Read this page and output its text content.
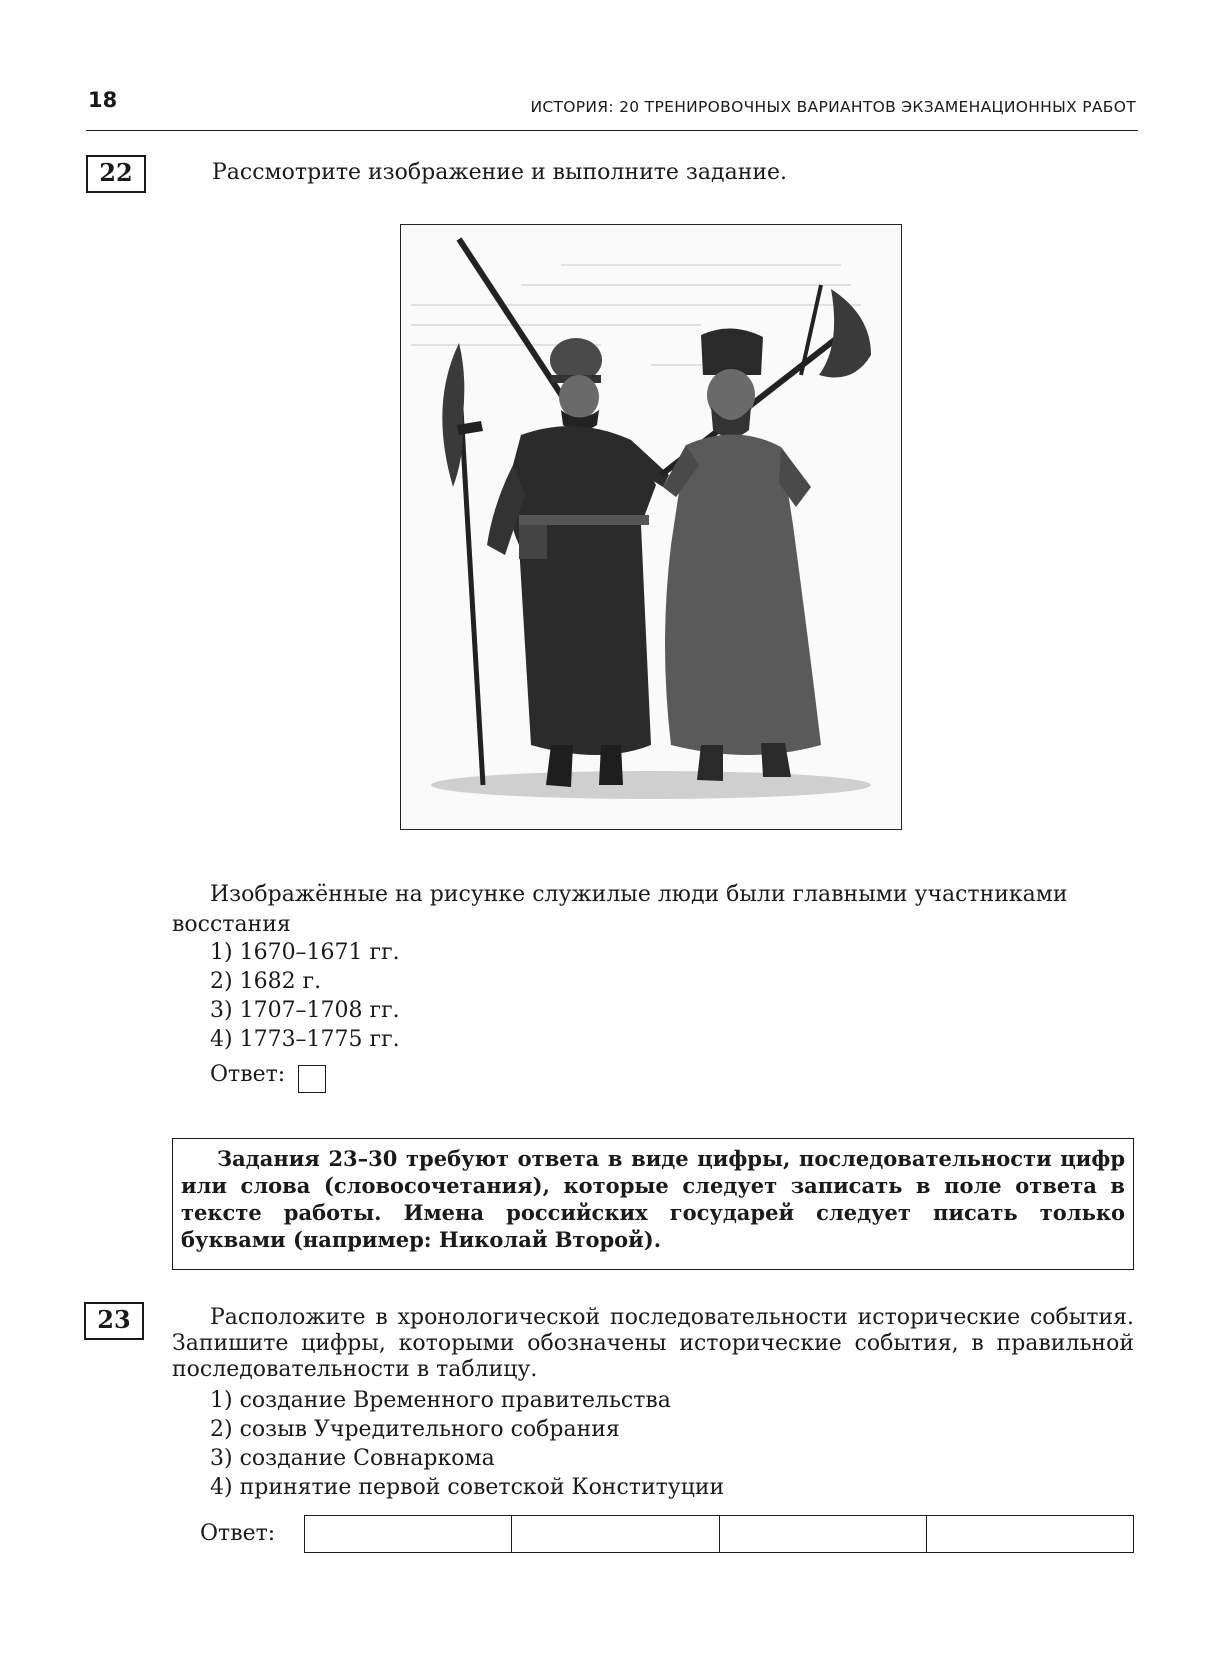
18	ИСТОРИЯ: 20 ТРЕНИРОВОЧНЫХ ВАРИАНТОВ ЭКЗАМЕНАЦИОННЫХ РАБОТ
22	Рассмотрите изображение и выполните задание.
Изображённые на рисунке служилые люди были главными участниками восстания
1) 1670–1671 гг.
2) 1682 г.
3) 1707–1708 гг.
4) 1773–1775 гг.
Ответ:
Задания 23–30 требуют ответа в виде цифры, последовательности цифр или слова (словосочетания), которые следует записать в поле ответа в тексте работы. Имена российских государей следует писать только буквами (например: Николай Второй).
23	Расположите в хронологической последовательности исторические события. Запишите цифры, которыми обозначены исторические события, в правильной последовательности в таблицу.
1) создание Временного правительства
2) созыв Учредительного собрания
3) создание Совнаркома
4) принятие первой советской Конституции
Ответ:
